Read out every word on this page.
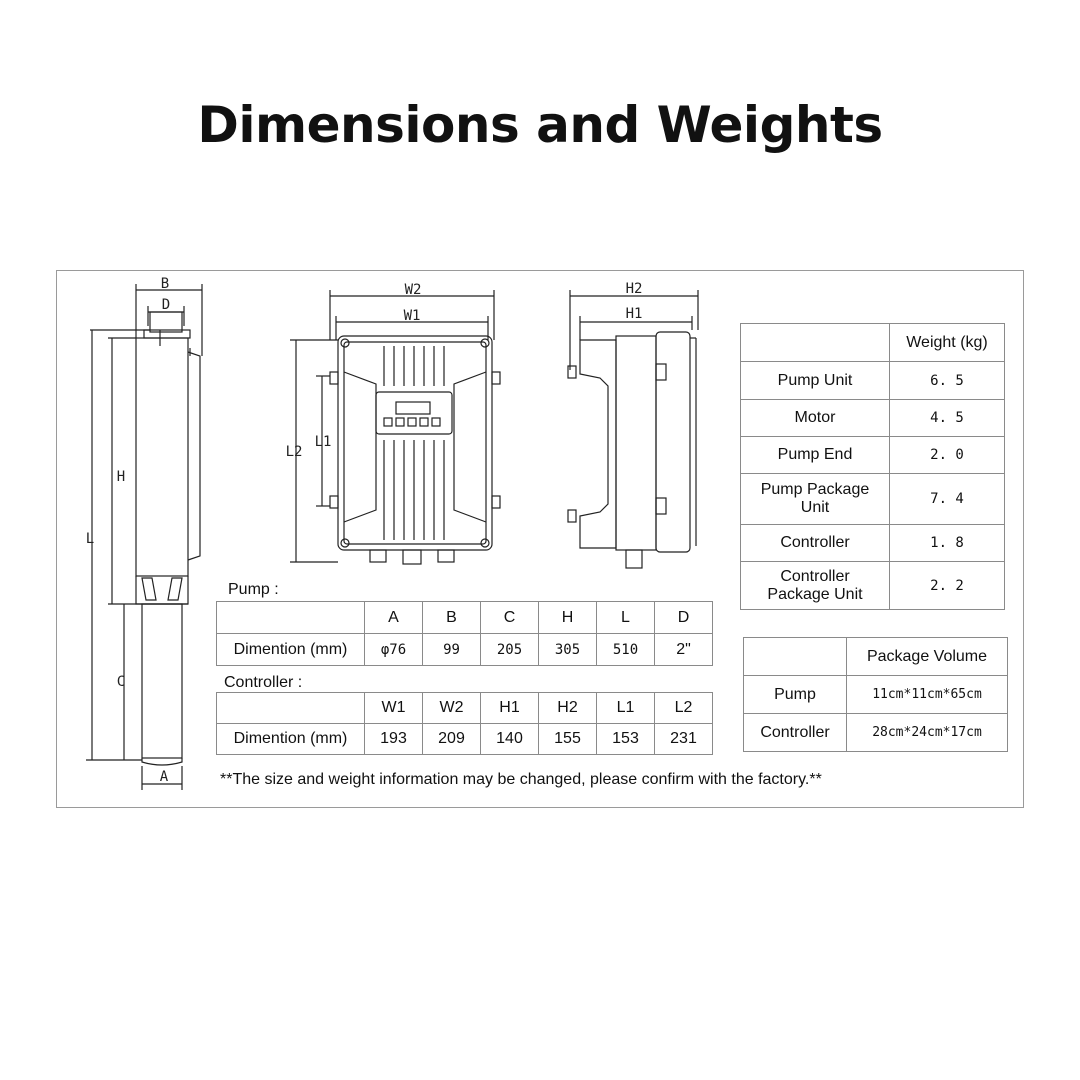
Dimensions and Weights
B
D
H
L
C
A
W2
W1
L2
L1
H2
H1
Pump :
	A	B	C	H	L	D
Dimention (mm)	φ76	99	205	305	510	2"
Controller :
	W1	W2	H1	H2	L1	L2
Dimention (mm)	193	209	140	155	153	231
	Weight (kg)
Pump Unit	6. 5
Motor	4. 5
Pump End	2. 0
Pump Package Unit	7. 4
Controller	1. 8
Controller Package Unit	2. 2
	Package Volume
Pump	11cm*11cm*65cm
Controller	28cm*24cm*17cm
**The size and weight information may be changed, please confirm with the factory.**
